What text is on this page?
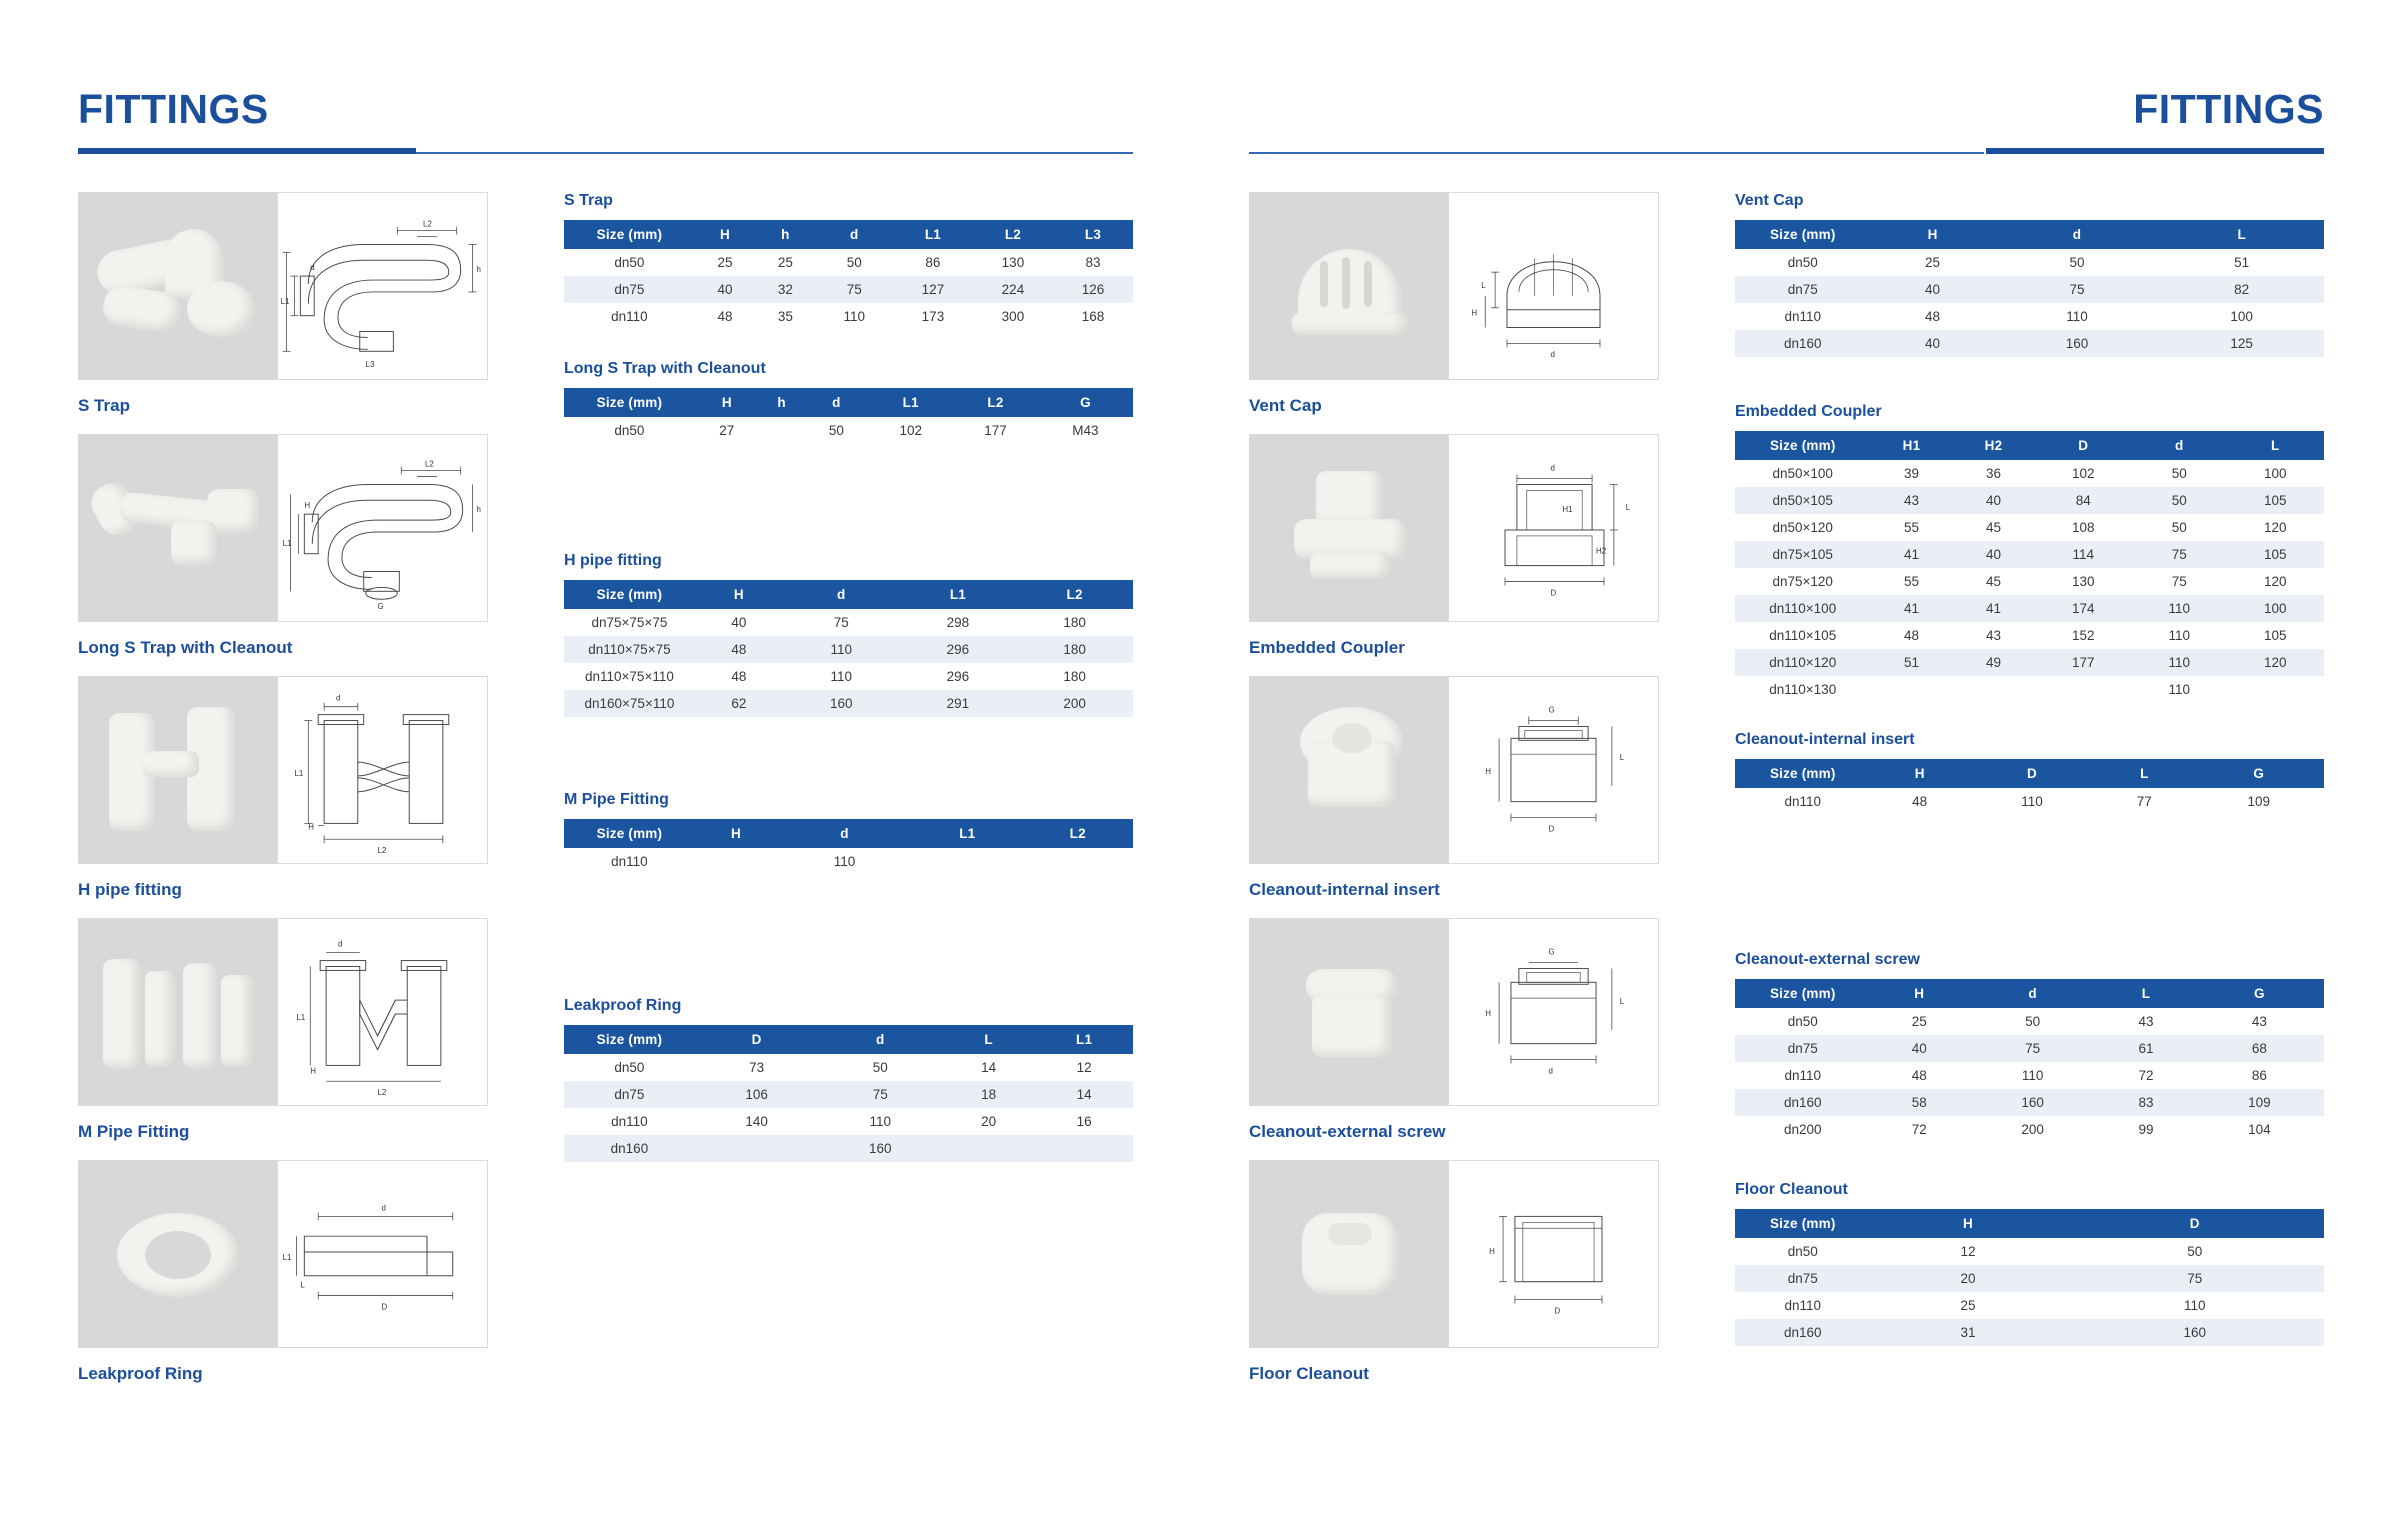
FITTINGS
L2
d
L1
h
L3
S Trap
L2
H
L1
h
G
Long S Trap with Cleanout
d
L1
H
L2
H pipe fitting
d
L1
H
L2
M Pipe Fitting
d
D
L1
L
Leakproof Ring
S Trap
Size (mm)	H	h	d	L1	L2	L3
dn50	25	25	50	86	130	83
dn75	40	32	75	127	224	126
dn110	48	35	110	173	300	168
Long S Trap with Cleanout
Size (mm)	H	h	d	L1	L2	G
dn50	27		50	102	177	M43
H pipe fitting
Size (mm)	H	d	L1	L2
dn75×75×75	40	75	298	180
dn110×75×75	48	110	296	180
dn110×75×110	48	110	296	180
dn160×75×110	62	160	291	200
M Pipe Fitting
Size (mm)	H	d	L1	L2
dn110		110		
Leakproof Ring
Size (mm)	D	d	L	L1
dn50	73	50	14	12
dn75	106	75	18	14
dn110	140	110	20	16
dn160		160		
FITTINGS
L
H
d
Vent Cap
d
H1	L
H2
D
Embedded Coupler
G
H
L
D
Cleanout-internal insert
G
H
L
d
Cleanout-external screw
H
D
Floor Cleanout
Vent Cap
Size (mm)	H	d	L
dn50	25	50	51
dn75	40	75	82
dn110	48	110	100
dn160	40	160	125
Embedded Coupler
Size (mm)	H1	H2	D	d	L
dn50×100	39	36	102	50	100
dn50×105	43	40	84	50	105
dn50×120	55	45	108	50	120
dn75×105	41	40	114	75	105
dn75×120	55	45	130	75	120
dn110×100	41	41	174	110	100
dn110×105	48	43	152	110	105
dn110×120	51	49	177	110	120
dn110×130				110	
Cleanout-internal insert
Size (mm)	H	D	L	G
dn110	48	110	77	109
Cleanout-external screw
Size (mm)	H	d	L	G
dn50	25	50	43	43
dn75	40	75	61	68
dn110	48	110	72	86
dn160	58	160	83	109
dn200	72	200	99	104
Floor Cleanout
Size (mm)	H	D
dn50	12	50
dn75	20	75
dn110	25	110
dn160	31	160
